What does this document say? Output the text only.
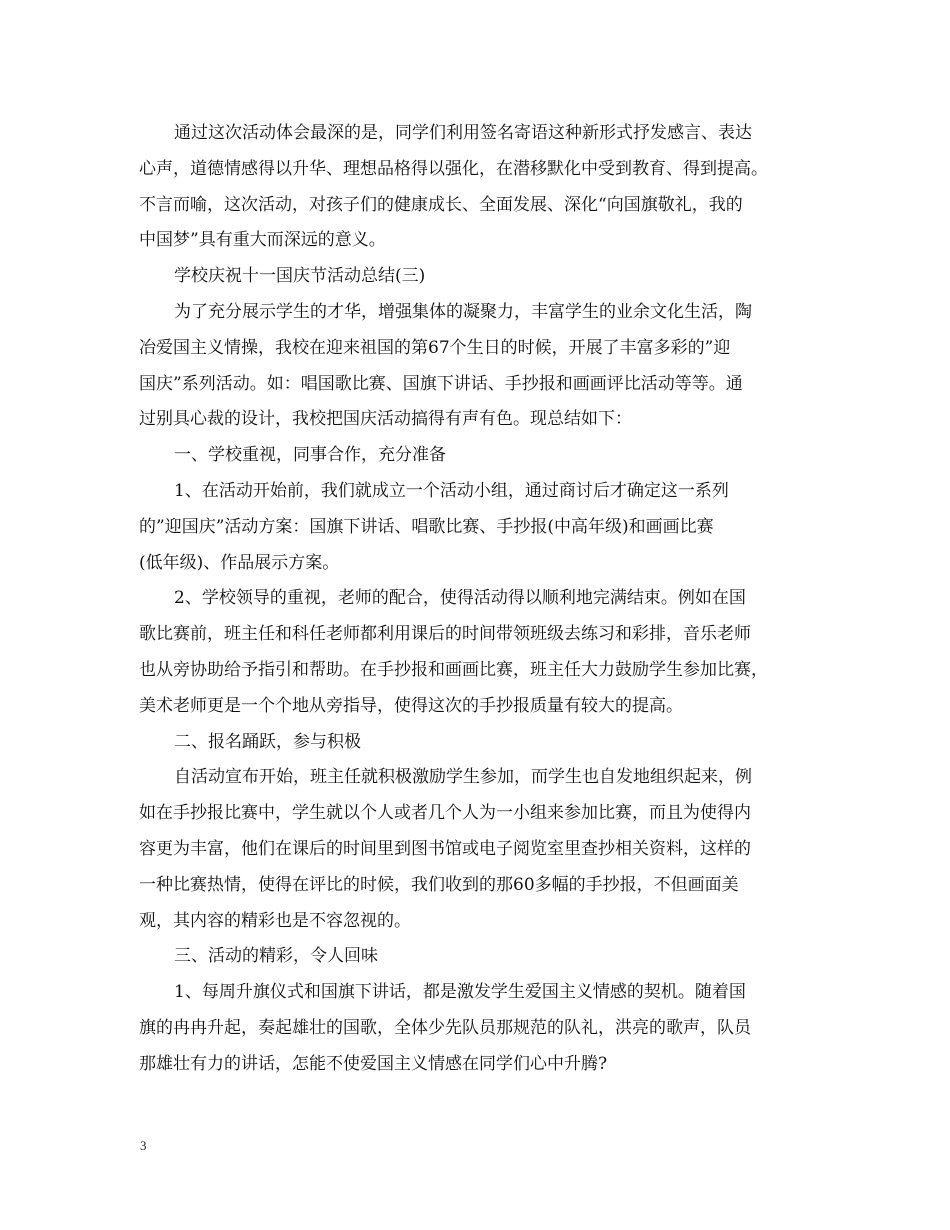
通过这次活动体会最深的是，同学们利用签名寄语这种新形式抒发感言、表达
心声，道德情感得以升华、理想品格得以强化，在潜移默化中受到教育、得到提高。
不言而喻，这次活动，对孩子们的健康成长、全面发展、深化“向国旗敬礼，我的
中国梦”具有重大而深远的意义。
学校庆祝十一国庆节活动总结(三)
为了充分展示学生的才华，增强集体的凝聚力，丰富学生的业余文化生活，陶
冶爱国主义情操，我校在迎来祖国的第67个生日的时候，开展了丰富多彩的”迎
国庆”系列活动。如：唱国歌比赛、国旗下讲话、手抄报和画画评比活动等等。通
过别具心裁的设计，我校把国庆活动搞得有声有色。现总结如下：
一、学校重视，同事合作，充分准备
1、在活动开始前，我们就成立一个活动小组，通过商讨后才确定这一系列
的”迎国庆”活动方案：国旗下讲话、唱歌比赛、手抄报(中高年级)和画画比赛
(低年级)、作品展示方案。
2、学校领导的重视，老师的配合，使得活动得以顺利地完满结束。例如在国
歌比赛前，班主任和科任老师都利用课后的时间带领班级去练习和彩排，音乐老师
也从旁协助给予指引和帮助。在手抄报和画画比赛，班主任大力鼓励学生参加比赛，
美术老师更是一个个地从旁指导，使得这次的手抄报质量有较大的提高。
二、报名踊跃，参与积极
自活动宣布开始，班主任就积极激励学生参加，而学生也自发地组织起来，例
如在手抄报比赛中，学生就以个人或者几个人为一小组来参加比赛，而且为使得内
容更为丰富，他们在课后的时间里到图书馆或电子阅览室里查抄相关资料，这样的
一种比赛热情，使得在评比的时候，我们收到的那60多幅的手抄报，不但画面美
观，其内容的精彩也是不容忽视的。
三、活动的精彩，令人回味
1、每周升旗仪式和国旗下讲话，都是激发学生爱国主义情感的契机。随着国
旗的冉冉升起，奏起雄壮的国歌，全体少先队员那规范的队礼，洪亮的歌声，队员
那雄壮有力的讲话，怎能不使爱国主义情感在同学们心中升腾?
3
